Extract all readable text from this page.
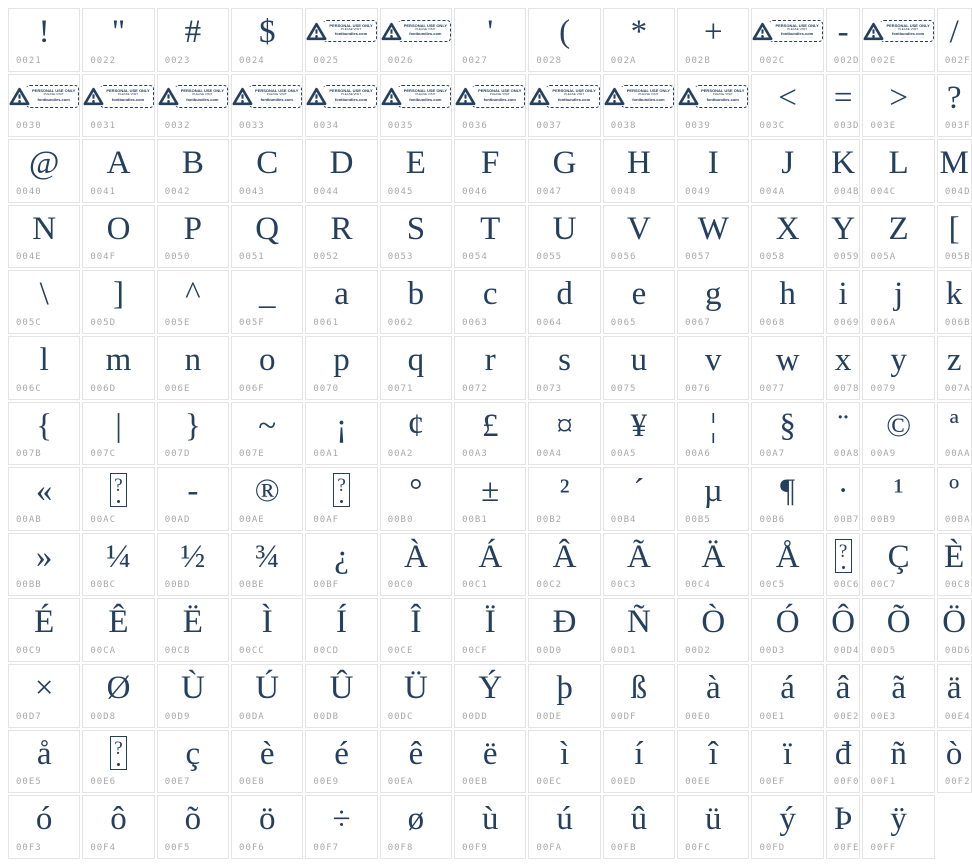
!
0021
"
0022
#
0023
$
0024
PERSONAL USE ONLY
PLEASE VISIT
fontbundles.com
··· ·· ···· ····· ··· ····
0025
PERSONAL USE ONLY
PLEASE VISIT
fontbundles.com
··· ·· ···· ····· ··· ····
0026
'
0027
(
0028
*
002A
+
002B
PERSONAL USE ONLY
PLEASE VISIT
fontbundles.com
··· ·· ···· ····· ··· ····
002C
-
002D
PERSONAL USE ONLY
PLEASE VISIT
fontbundles.com
··· ·· ···· ····· ··· ····
002E
/
002F
PERSONAL USE ONLY
PLEASE VISIT
fontbundles.com
··· ·· ···· ····· ··· ····
0030
PERSONAL USE ONLY
PLEASE VISIT
fontbundles.com
··· ·· ···· ····· ··· ····
0031
PERSONAL USE ONLY
PLEASE VISIT
fontbundles.com
··· ·· ···· ····· ··· ····
0032
PERSONAL USE ONLY
PLEASE VISIT
fontbundles.com
··· ·· ···· ····· ··· ····
0033
PERSONAL USE ONLY
PLEASE VISIT
fontbundles.com
··· ·· ···· ····· ··· ····
0034
PERSONAL USE ONLY
PLEASE VISIT
fontbundles.com
··· ·· ···· ····· ··· ····
0035
PERSONAL USE ONLY
PLEASE VISIT
fontbundles.com
··· ·· ···· ····· ··· ····
0036
PERSONAL USE ONLY
PLEASE VISIT
fontbundles.com
··· ·· ···· ····· ··· ····
0037
PERSONAL USE ONLY
PLEASE VISIT
fontbundles.com
··· ·· ···· ····· ··· ····
0038
PERSONAL USE ONLY
PLEASE VISIT
fontbundles.com
··· ·· ···· ····· ··· ····
0039
<
003C
=
003D
>
003E
?
003F
@
0040
A
0041
B
0042
C
0043
D
0044
E
0045
F
0046
G
0047
H
0048
I
0049
J
004A
K
004B
L
004C
M
004D
N
004E
O
004F
P
0050
Q
0051
R
0052
S
0053
T
0054
U
0055
V
0056
W
0057
X
0058
Y
0059
Z
005A
[
005B
\
005C
]
005D
^
005E
_
005F
a
0061
b
0062
c
0063
d
0064
e
0065
g
0067
h
0068
i
0069
j
006A
k
006B
l
006C
m
006D
n
006E
o
006F
p
0070
q
0071
r
0072
s
0073
u
0075
v
0076
w
0077
x
0078
y
0079
z
007A
{
007B
|
007C
}
007D
~
007E
¡
00A1
¢
00A2
£
00A3
¤
00A4
¥
00A5
¦
00A6
§
00A7
¨
00A8
©
00A9
ª
00AA
«
00AB
?
00AC
-
00AD
®
00AE
?
00AF
°
00B0
±
00B1
²
00B2
´
00B4
µ
00B5
¶
00B6
·
00B7
¹
00B9
º
00BA
»
00BB
¼
00BC
½
00BD
¾
00BE
¿
00BF
À
00C0
Á
00C1
Â
00C2
Ã
00C3
Ä
00C4
Å
00C5
?
00C6
Ç
00C7
È
00C8
É
00C9
Ê
00CA
Ë
00CB
Ì
00CC
Í
00CD
Î
00CE
Ï
00CF
Ð
00D0
Ñ
00D1
Ò
00D2
Ó
00D3
Ô
00D4
Õ
00D5
Ö
00D6
×
00D7
Ø
00D8
Ù
00D9
Ú
00DA
Û
00DB
Ü
00DC
Ý
00DD
þ
00DE
ß
00DF
à
00E0
á
00E1
â
00E2
ã
00E3
ä
00E4
å
00E5
?
00E6
ç
00E7
è
00E8
é
00E9
ê
00EA
ë
00EB
ì
00EC
í
00ED
î
00EE
ï
00EF
đ
00F0
ñ
00F1
ò
00F2
ó
00F3
ô
00F4
õ
00F5
ö
00F6
÷
00F7
ø
00F8
ù
00F9
ú
00FA
û
00FB
ü
00FC
ý
00FD
Þ
00FE
ÿ
00FF
